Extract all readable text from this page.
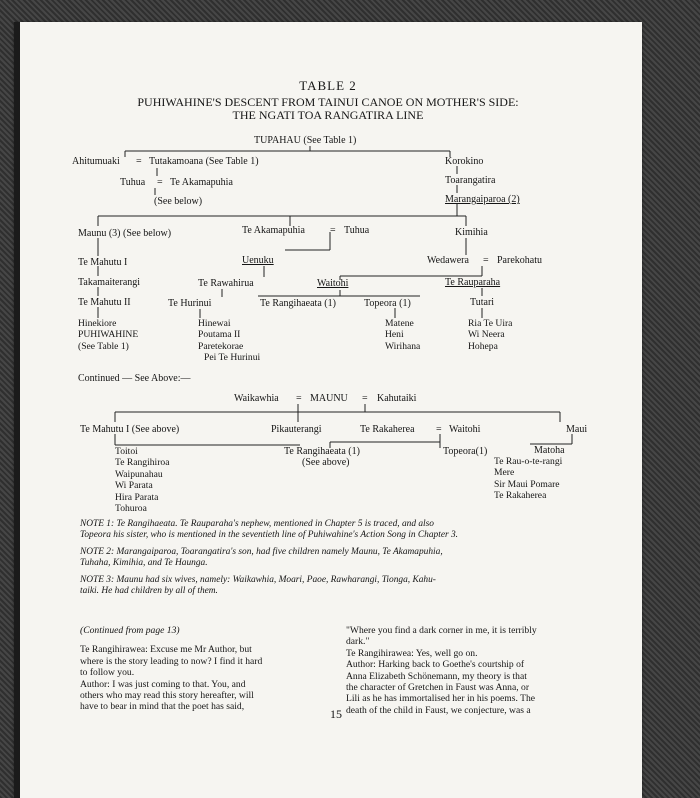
TABLE 2
PUHIWAHINE'S DESCENT FROM TAINUI CANOE ON MOTHER'S SIDE:
THE NGATI TOA RANGATIRA LINE
TUPAHAU (See Table 1)
Ahitumuaki = Tutakamoana (See Table 1)
Tuhua = Te Akamapuhia
(See below)
Korokino
Toarangatira
Marangaiparoa (2)
Maunu (3) (See below)	Te Akamapuhia	= Tuhua	Kimihia
Te Mahutu I	Uenuku	Wedawera = Parekohatu
Takamaiterangi	Te Rawahirua	Waitohi	Te Rauparaha
Te Mahutu II	Te Hurinui	Te Rangihaeata (1)	Topeora (1)	Tutari
Hinekiore
PUHIWAHINE
(See Table 1)
Hinewai
Poutama II
Paretekorae
Pei Te Hurinui
Matene
Heni
Wirihana
Ria Te Uira
Wi Neera
Hohepa
Continued — See Above:—
Waikawhia = MAUNU = Kahutaiki
Te Mahutu I (See above)	Pikauterangi	Te Rakaherea = Waitohi	Maui
Toitoi
Te Rangihiroa
Waipunahau
Wi Parata
Hira Parata
Tohuroa
Te Rangihaeata (1)
(See above)
Topeora(1)	Matoha
Te Rau-o-te-rangi
Mere
Sir Maui Pomare
Te Rakaherea
NOTE 1: Te Rangihaeata. Te Rauparaha's nephew, mentioned in Chapter 5 is traced, and also
Topeora his sister, who is mentioned in the seventieth line of Puhiwahine's Action Song in Chapter 3.
NOTE 2: Marangaiparoa, Toarangatira's son, had five children namely Maunu, Te Akamapuhia,
Tuhaha, Kimihia, and Te Haunga.
NOTE 3: Maunu had six wives, namely: Waikawhia, Moari, Paoe, Rawharangi, Tionga, Kahu-
taiki. He had children by all of them.
(Continued from page 13)
Te Rangihirawea: Excuse me Mr Author, but
where is the story leading to now? I find it hard
to follow you.
Author: I was just coming to that. You, and
others who may read this story hereafter, will
have to bear in mind that the poet has said,
"Where you find a dark corner in me, it is terribly
dark."
Te Rangihirawea: Yes, well go on.
Author: Harking back to Goethe's courtship of
Anna Elizabeth Schönemann, my theory is that
the character of Gretchen in Faust was Anna, or
Lili as he has immortalised her in his poems. The
death of the child in Faust, we conjecture, was a
15
